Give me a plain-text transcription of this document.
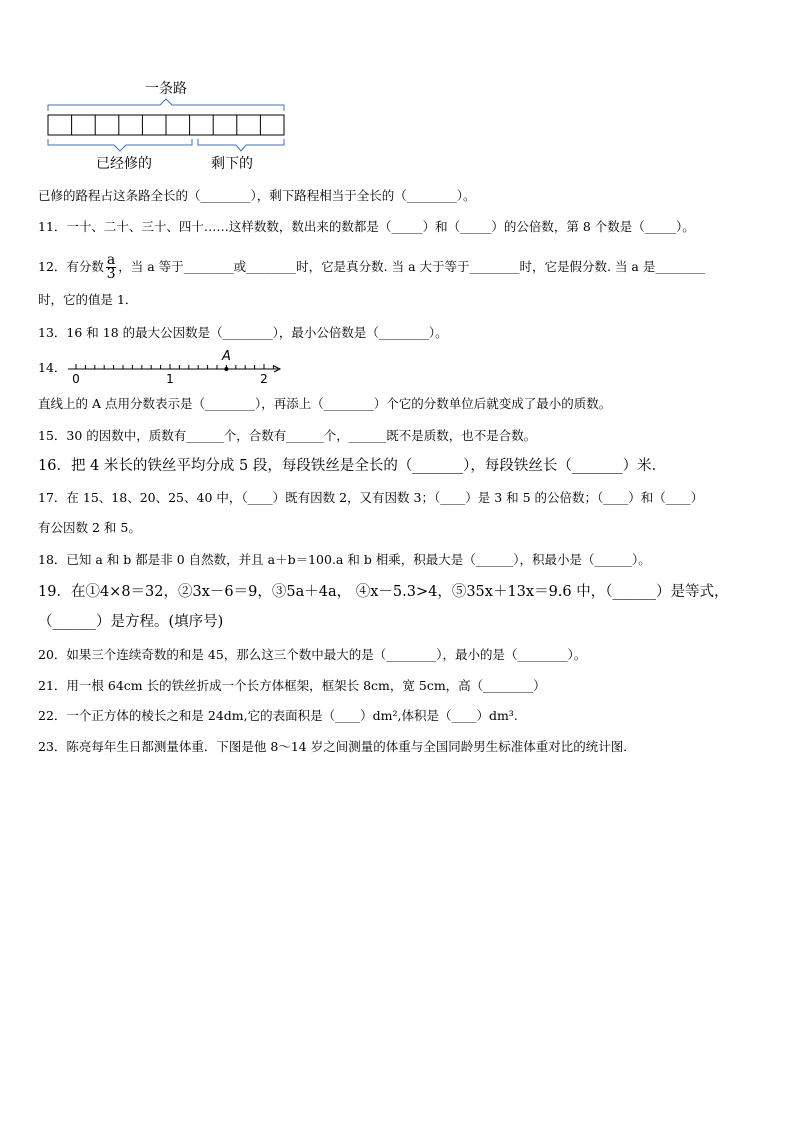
一条路
已经修的	剩下的
已修的路程占这条路全长的（________），剩下路程相当于全长的（________）。
11．一十、二十、三十、四十……这样数数，数出来的数都是（_____）和（_____）的公倍数，第 8 个数是（_____）。
12．有分数 $\frac{a}{3}$ ，当 a 等于________或________时，它是真分数. 当 a 大于等于________时，它是假分数. 当 a 是________
时，它的值是 1．
13．16 和 18 的最大公因数是（________），最小公倍数是（________）。
14．
A
0	1	2
直线上的 A 点用分数表示是（________），再添上（________）个它的分数单位后就变成了最小的质数。
15．30 的因数中，质数有______个，合数有______个，______既不是质数，也不是合数。
16．把 4 米长的铁丝平均分成 5 段，每段铁丝是全长的（_______），每段铁丝长（_______）米．
17．在 15、18、20、25、40 中，（____）既有因数 2，又有因数 3；（____）是 3 和 5 的公倍数；（____）和（____）
有公因数 2 和 5。
18．已知 a 和 b 都是非 0 自然数，并且 a＋b＝100.a 和 b 相乘，积最大是（______），积最小是（______）。
19．在①4×8＝32，②3x－6＝9，③5a＋4a， ④x－5.3>4，⑤35x＋13x＝9.6 中，（______）是等式，
（______）是方程。(填序号)
20．如果三个连续奇数的和是 45，那么这三个数中最大的是（________），最小的是（________）。
21．用一根 64cm 长的铁丝折成一个长方体框架，框架长 8cm，宽 5cm，高（________）
22．一个正方体的棱长之和是 24dm,它的表面积是（____）dm²,体积是（____）dm³.
23．陈亮每年生日都测量体重．下图是他 8～14 岁之间测量的体重与全国同龄男生标准体重对比的统计图．
